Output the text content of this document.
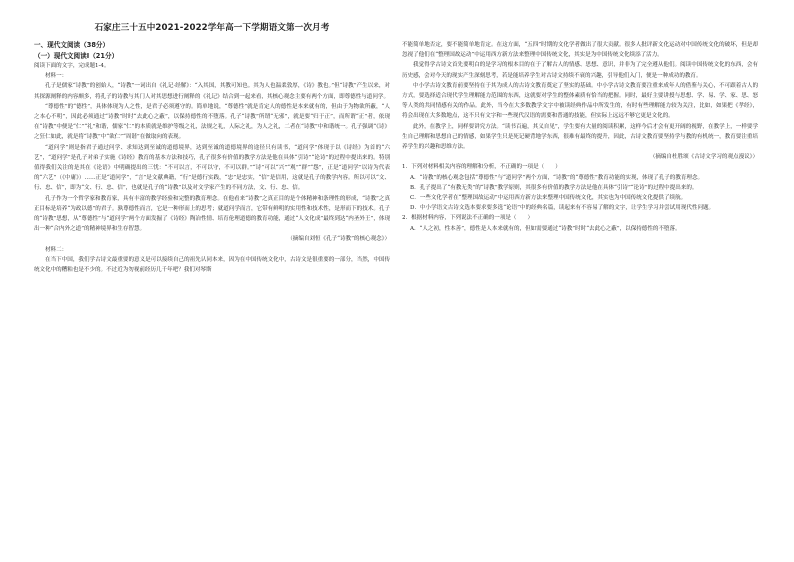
石家庄三十五中2021-2022学年高一下学期语文第一次月考
一、现代文阅读（38分）
（一）现代文阅读Ⅰ（21分）

阅读下面的文字，完成题1-4。

材料一：

孔子是儒家“诗教”的创始人，“诗教”一词出自《礼记·经解》：“入其国，其教可知也。其为人也温柔敦厚，《诗》教也。”但“诗教”产生以来，对其探源阐释的内容颇多，将孔子的诗教与其门人对其思想进行阐释的《礼记》结合到一起来看，其核心观念主要有两个方面，即尊德性与道问学。

“尊德性”的“德性”，具体体现为人之性，是君子必须遵守的。简单地说，“尊德性”就是肯定人的德性是本来就有的，但由于为物欲所蔽，“人之本心不明”，因此必须通过“诗教”时时“去此心之蔽”，以保持德性的不堕落。孔子“诗教”所谓“无邪”，就是要“归于正”，而所谓“正”者，依现在“诗教”中便是“仁”“礼”和谐，儒家“仁”的本质就是维护等级之礼，法规之礼，人际之礼，为人之礼，二者在“诗教”中和谐统一。孔子强调“《诗》之狂仁如此，就是将“诗教”中“欲仁”“周谐”在做取向的表现。

“道问学”则是指君子通过问学、求知达到至诚的道德境界，达到至诚的道德境界的途径只有读书，“道问学”体现于以《诗经》为首的“六艺”，“道问学”是孔子对弟子实施《诗经》教育的基本方法和技巧，孔子很多有价值的教学方法是他在具体“引诗”“论诗”的过程中提出来的。特别值得我们关注的是其在《论语》中明确提出的三忧：“不可以言，不可以守，不可以群。”“诗”可以“兴”“观”“群”“怨”，正是“道问学”以诗为代表的“六艺”（《中庸》）……正是“道问学”，“言”是文献典籍，“行”是德行实践，“忠”是忠实，“信”是信用，这就是孔子的教学内容。所以可以“文、行、忠、信”，即为“文、行、忠、信”，也就是孔子的“诗教”以及对文学家产生的不同方法，文、行、忠、信。

孔子作为一个哲学家和教育家，具有丰富的教学经验和完整的教育理念。在他看来“诗教”之真正目的是个体精神和条理性的形成，“诗教”之真正目标是培养“为政以德”的君子。孰尊德性而言，它是一种形而上的思考；就道问学而言，它带有鲜明的实用性和技术性，是形而下的技术。孔子的“诗教”思想，从“尊德性”与“道问学”两个方面发掘了《诗经》陶冶性情、培育伦理道德的教育功能，通过“人文化成”最终到达“内圣外王”，体现出一种“合内外之道”的精神境界和生存智慧。

（摘编自刘恒《孔子“诗教”的核心观念》）

材料二：

在当下中国，我们学古诗文最重要的意义是可以接续自己的祖先认同本来，因为在中国传统文化中，古诗文是很重要的一部分，当然，中国传统文化中的糟粕也是不少的。不过近为勿视前经历几千年吧？我们对琴斯

不能简单地否定，要不能简单地肯定。在这方面，“五四”时期的文化学者做出了很大贡献。很多人批评新文化运动对中国传统文化的破坏，但是却忽视了他们在“整理国故运动”中运用西方新方法来整理中国传统文化，其实是为中国传统文化续添了活力。

我觉得学古诗文首先要明白的是学习的根本目的在于了解古人的情感、思想、意识，并非为了完全遵从他们。阅读中国传统文化的东西，会有历史感，会对今天的现实产生深刻思考，若是能培养学生对古诗文持续不衰的兴趣，引导他们入门，便是一种成功的教育。

中小学古诗文教育前要坚持在于其为成人的古诗文教育奠定了坚实的基础。中小学古诗文教育要注重来成年人的借鉴与关心，不可跟着古人的方式，要选择适合现代学生理解能力范围的东西，这就要对学生的整体素质有恰当的把握。同时，最好主要讲授与思想、学、易、学、家、思、怒等人类的共同情感有关的作品。此外，当今在大多数教学文字中被读经典作品中所发生的，有时有些理解能力较为关注，比如，如果把《孝经》，将会出现在大多数地点，这不只有文字和一些现代汉语的需要和普通的技能，但实际上远远不够它更是文化的。

此外，在教学上，同样要讲究方法。“读书百遍，其义自见”，学生要有大量的阅读积累，这样今后才会有更开阔的视野，在教学上，一样要学生自己理解和思想自己的情感，如果学生只是死记硬背地学东西，很难有最终的提升，因此，古诗文教育要坚持学与教的有机统一，教育要注重培养学生的兴趣和思维方法。

（摘编自杜胜颂《古诗文学习的观点漫议》）

1．下列对材料相关内容的理解和分析，不正确的一项是（　　）

A．“诗教”的核心观念包括“尊德性”与“道问学”两个方面，“诗教”的“尊德性”教育功能的实现，体现了孔子的教育理念。

B．孔子提出了“有教无类”的“诗教”教学原则，其很多有价值的教学方法是他在具体“引诗”“论诗”的过程中提出来的。

C．一些文化学者在“整理国故运动”中运用西方新方法来整理中国传统文化，其实也为中国传统文化提供了续航。

D．中小学语文古诗文选本要求要多选“论语”中的经典名篇，读起来有不容易了解的文字，让学生学习并尝试用现代性问题。

2．根据材料内容，下列说法不正确的一项是（　　）

A．“人之初，性本善”，德性是人本来就有的，但如需要通过“诗教”时时“去此心之蔽”，以保持德性的不堕落。
